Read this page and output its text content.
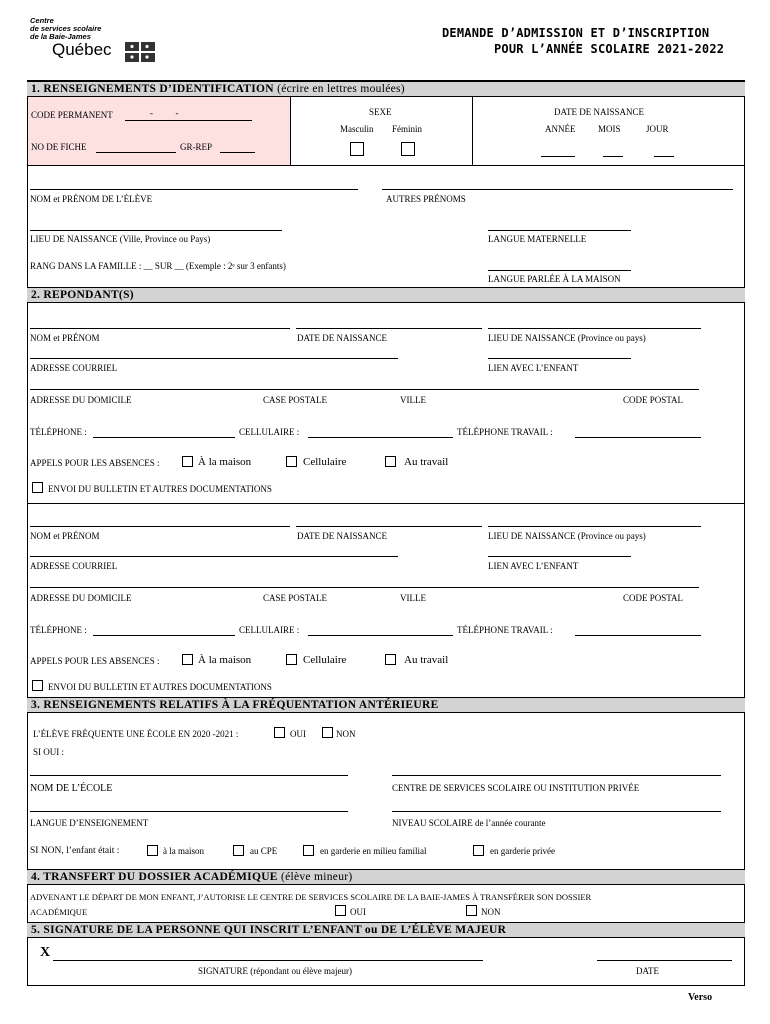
Centre
de services scolaire
de la Baie-James
Québec
DEMANDE D’ADMISSION ET D’INSCRIPTION
POUR L’ANNÉE SCOLAIRE 2021-2022
1. RENSEIGNEMENTS D’IDENTIFICATION (écrire en lettres moulées)
CODE PERMANENT	-          -
NO DE FICHE	GR-REP
SEXE
Masculin Féminin
DATE DE NAISSANCE
ANNÉE	MOIS	JOUR
NOM et PRÉNOM DE L’ÉLÈVE	AUTRES PRÉNOMS
LIEU DE NAISSANCE (Ville, Province ou Pays)	LANGUE MATERNELLE
RANG DANS LA FAMILLE : __ SUR __ (Exemple : 2ᵉ sur 3 enfants)
LANGUE PARLÉE À LA MAISON
2. REPONDANT(S)
NOM et PRÉNOM	DATE DE NAISSANCE	LIEU DE NAISSANCE (Province ou pays)
ADRESSE COURRIEL	LIEN AVEC L’ENFANT
ADRESSE DU DOMICILE	CASE POSTALE	VILLE	CODE POSTAL
TÉLÉPHONE :	CELLULAIRE :	TÉLÉPHONE TRAVAIL :
APPELS POUR LES ABSENCES :	À la maison	Cellulaire	Au travail
ENVOI DU BULLETIN ET AUTRES DOCUMENTATIONS
NOM et PRÉNOM	DATE DE NAISSANCE	LIEU DE NAISSANCE (Province ou pays)
ADRESSE COURRIEL	LIEN AVEC L’ENFANT
ADRESSE DU DOMICILE	CASE POSTALE	VILLE	CODE POSTAL
TÉLÉPHONE :	CELLULAIRE :	TÉLÉPHONE TRAVAIL :
APPELS POUR LES ABSENCES :	À la maison	Cellulaire	Au travail
ENVOI DU BULLETIN ET AUTRES DOCUMENTATIONS
3. RENSEIGNEMENTS RELATIFS À LA FRÉQUENTATION ANTÉRIEURE
L’ÉLÈVE FRÉQUENTE UNE ÉCOLE EN 2020 -2021 :	OUI	NON
SI OUI :
NOM DE L’ÉCOLE	CENTRE DE SERVICES SCOLAIRE OU INSTITUTION PRIVÉE
LANGUE D’ENSEIGNEMENT	NIVEAU SCOLAIRE de l’année courante
SI NON, l’enfant était :	à la maison	au CPE	en garderie en milieu familial	en garderie privée
4. TRANSFERT DU DOSSIER ACADÉMIQUE (élève mineur)
ADVENANT LE DÉPART DE MON ENFANT, J’AUTORISE LE CENTRE DE SERVICES SCOLAIRE DE LA BAIE-JAMES À TRANSFÉRER SON DOSSIER
ACADÉMIQUE	OUI	NON
5. SIGNATURE DE LA PERSONNE QUI INSCRIT L’ENFANT ou DE L’ÉLÈVE MAJEUR
X
SIGNATURE (répondant ou élève majeur)	DATE
Verso
